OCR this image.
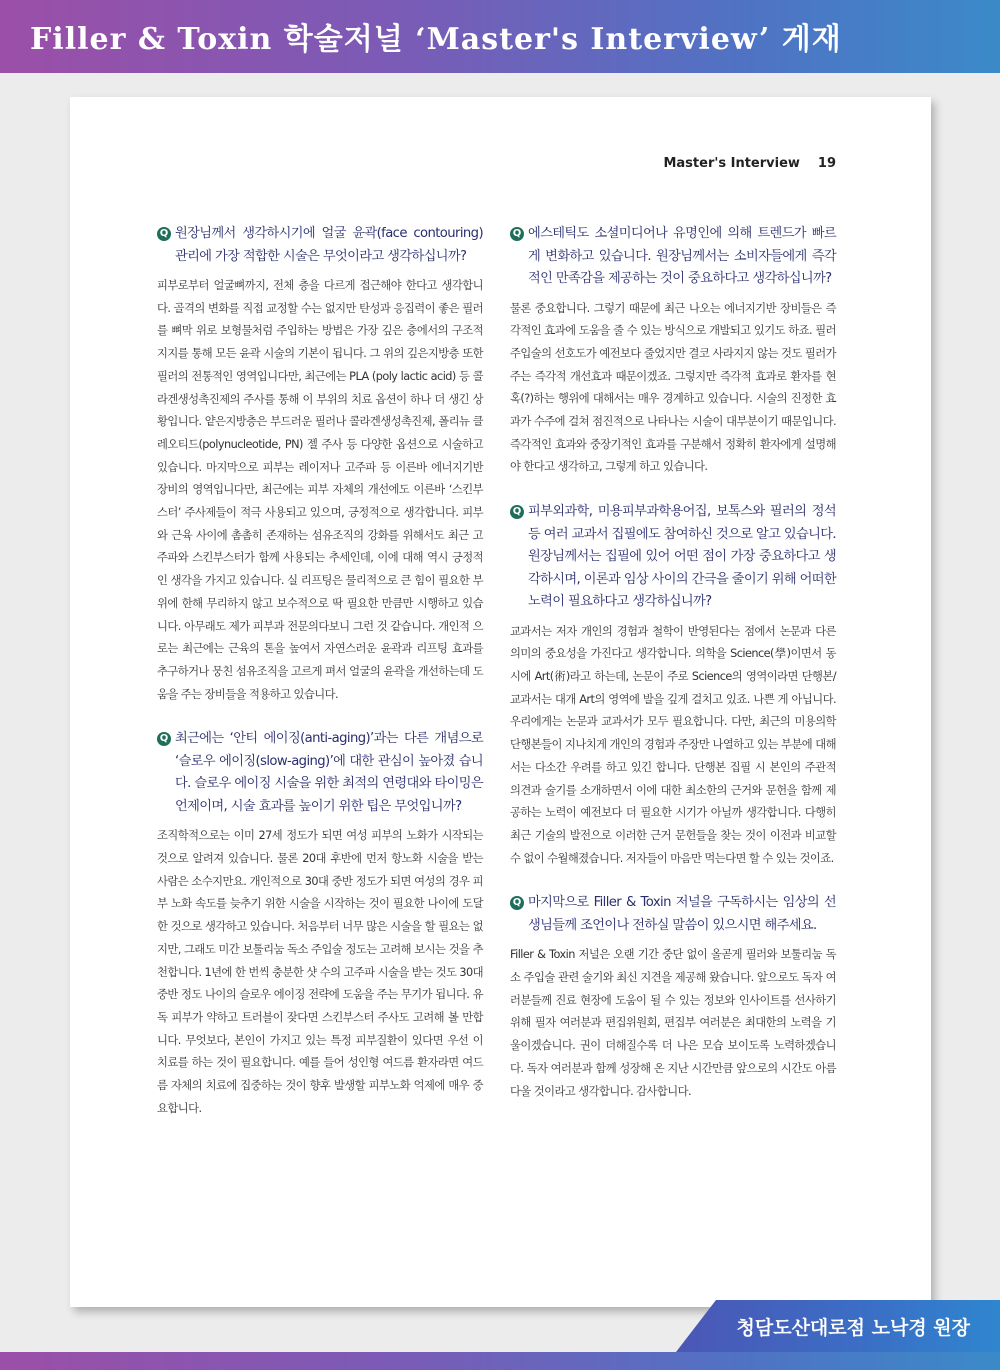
Filler & Toxin 학술저널 ‘Master's Interview’ 게재
Master's Interview 19
Q 원장님께서 생각하시기에 얼굴 윤곽(face contouring) 관리에 가장 적합한 시술은 무엇이라고 생각하십니까?

피부로부터 얼굴뼈까지, 전체 층을 다르게 접근해야 한다고 생각합니다. 골격의 변화를 직접 교정할 수는 없지만 탄성과 응집력이 좋은 필러를 뼈막 위로 보형물처럼 주입하는 방법은 가장 깊은 층에서의 구조적 지지를 통해 모든 윤곽 시술의 기본이 됩니다. 그 위의 깊은지방층 또한 필러의 전통적인 영역입니다만, 최근에는 PLA (poly lactic acid) 등 콜라겐생성촉진제의 주사를 통해 이 부위의 치료 옵션이 하나 더 생긴 상황입니다. 얕은지방층은 부드러운 필러나 콜라겐생성촉진제, 폴리뉴 클레오티드(polynucleotide, PN) 젤 주사 등 다양한 옵션으로 시술하고 있습니다. 마지막으로 피부는 레이저나 고주파 등 이른바 에너지기반 장비의 영역입니다만, 최근에는 피부 자체의 개선에도 이른바 ‘스킨부스터’ 주사제들이 적극 사용되고 있으며, 긍정적으로 생각합니다. 피부와 근육 사이에 촘촘히 존재하는 섬유조직의 강화를 위해서도 최근 고주파와 스킨부스터가 함께 사용되는 추세인데, 이에 대해 역시 긍정적인 생각을 가지고 있습니다. 실 리프팅은 물리적으로 큰 힘이 필요한 부위에 한해 무리하지 않고 보수적으로 딱 필요한 만큼만 시행하고 있습니다. 아무래도 제가 피부과 전문의다보니 그런 것 같습니다. 개인적 으로는 최근에는 근육의 톤을 높여서 자연스러운 윤곽과 리프팅 효과를 추구하거나 뭉친 섬유조직을 고르게 펴서 얼굴의 윤곽을 개선하는데 도움을 주는 장비들을 적용하고 있습니다.

Q 최근에는 ‘안티 에이징(anti-aging)’과는 다른 개념으로 ‘슬로우 에이징(slow-aging)’에 대한 관심이 높아졌 습니다. 슬로우 에이징 시술을 위한 최적의 연령대와 타이밍은 언제이며, 시술 효과를 높이기 위한 팁은 무엇입니까?

조직학적으로는 이미 27세 정도가 되면 여성 피부의 노화가 시작되는 것으로 알려져 있습니다. 물론 20대 후반에 먼저 항노화 시술을 받는 사람은 소수지만요. 개인적으로 30대 중반 정도가 되면 여성의 경우 피부 노화 속도를 늦추기 위한 시술을 시작하는 것이 필요한 나이에 도달한 것으로 생각하고 있습니다. 처음부터 너무 많은 시술을 할 필요는 없지만, 그래도 미간 보툴리눔 독소 주입술 정도는 고려해 보시는 것을 추천합니다. 1년에 한 번씩 충분한 샷 수의 고주파 시술을 받는 것도 30대 중반 정도 나이의 슬로우 에이징 전략에 도움을 주는 무기가 됩니다. 유독 피부가 약하고 트러블이 잦다면 스킨부스터 주사도 고려해 볼 만합니다. 무엇보다, 본인이 가지고 있는 특정 피부질환이 있다면 우선 이 치료를 하는 것이 필요합니다. 예를 들어 성인형 여드름 환자라면 여드름 자체의 치료에 집중하는 것이 향후 발생할 피부노화 억제에 매우 중요합니다.

Q 에스테틱도 소셜미디어나 유명인에 의해 트렌드가 빠르게 변화하고 있습니다. 원장님께서는 소비자들에게 즉각적인 만족감을 제공하는 것이 중요하다고 생각하십니까?

물론 중요합니다. 그렇기 때문에 최근 나오는 에너지기반 장비들은 즉각적인 효과에 도움을 줄 수 있는 방식으로 개발되고 있기도 하죠. 필러 주입술의 선호도가 예전보다 줄었지만 결코 사라지지 않는 것도 필러가 주는 즉각적 개선효과 때문이겠죠. 그렇지만 즉각적 효과로 환자를 현혹(?)하는 행위에 대해서는 매우 경계하고 있습니다. 시술의 진정한 효과가 수주에 걸쳐 점진적으로 나타나는 시술이 대부분이기 때문입니다. 즉각적인 효과와 중장기적인 효과를 구분해서 정확히 환자에게 설명해야 한다고 생각하고, 그렇게 하고 있습니다.

Q 피부외과학, 미용피부과학용어집, 보톡스와 필러의 정석 등 여러 교과서 집필에도 참여하신 것으로 알고 있습니다. 원장님께서는 집필에 있어 어떤 점이 가장 중요하다고 생각하시며, 이론과 임상 사이의 간극을 줄이기 위해 어떠한 노력이 필요하다고 생각하십니까?

교과서는 저자 개인의 경험과 철학이 반영된다는 점에서 논문과 다른 의미의 중요성을 가진다고 생각합니다. 의학을 Science(學)이면서 동시에 Art(術)라고 하는데, 논문이 주로 Science의 영역이라면 단행본/교과서는 대개 Art의 영역에 발을 깊게 걸치고 있죠. 나쁜 게 아닙니다. 우리에게는 논문과 교과서가 모두 필요합니다. 다만, 최근의 미용의학 단행본들이 지나치게 개인의 경험과 주장만 나열하고 있는 부분에 대해서는 다소간 우려를 하고 있긴 합니다. 단행본 집필 시 본인의 주관적 의견과 술기를 소개하면서 이에 대한 최소한의 근거와 문헌을 함께 제공하는 노력이 예전보다 더 필요한 시기가 아닐까 생각합니다. 다행히 최근 기술의 발전으로 이러한 근거 문헌들을 찾는 것이 이전과 비교할 수 없이 수월해졌습니다. 저자들이 마음만 먹는다면 할 수 있는 것이죠.

Q 마지막으로 Filler & Toxin 저널을 구독하시는 임상의 선생님들께 조언이나 전하실 말씀이 있으시면 해주세요.

Filler & Toxin 저널은 오랜 기간 중단 없이 올곧게 필러와 보툴리눔 독소 주입술 관련 술기와 최신 지견을 제공해 왔습니다. 앞으로도 독자 여러분들께 진료 현장에 도움이 될 수 있는 정보와 인사이트를 선사하기 위해 필자 여러분과 편집위원회, 편집부 여러분은 최대한의 노력을 기울이겠습니다. 권이 더해질수록 더 나은 모습 보이도록 노력하겠습니다. 독자 여러분과 함께 성장해 온 지난 시간만큼 앞으로의 시간도 아름다울 것이라고 생각합니다. 감사합니다.

청담도산대로점 노낙경 원장
